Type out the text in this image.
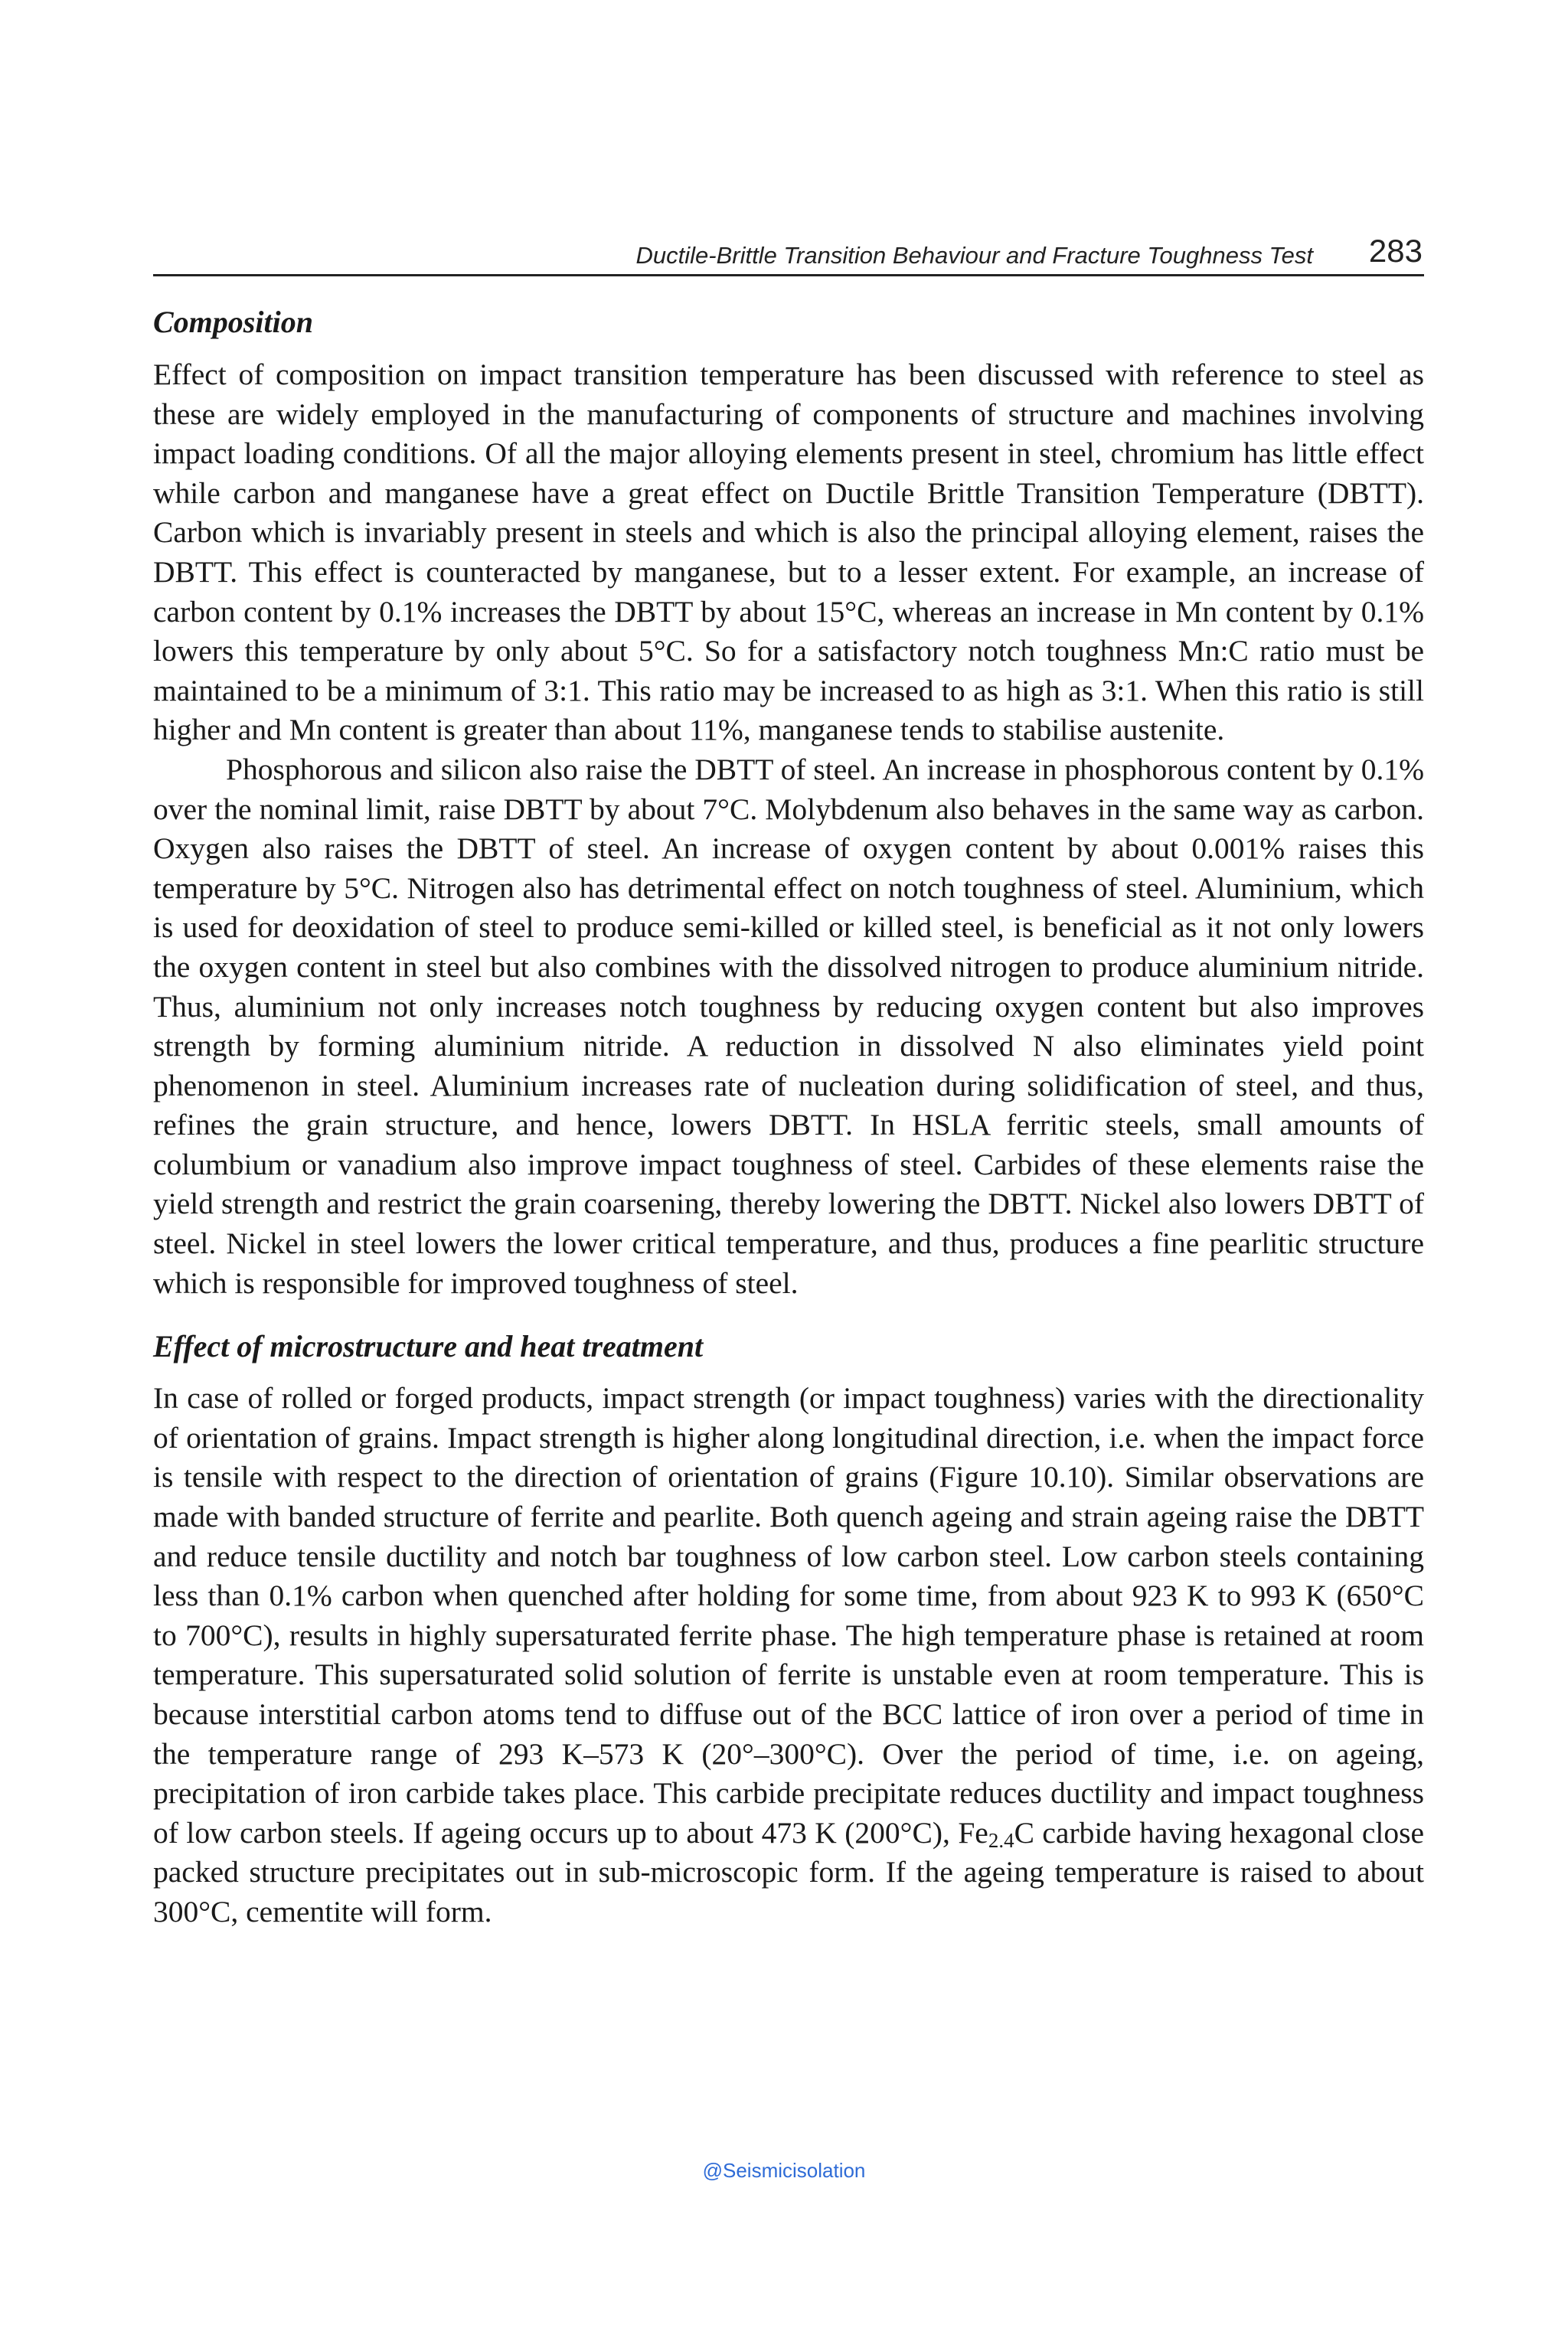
Ductile-Brittle Transition Behaviour and Fracture Toughness Test 283
Composition

Effect of composition on impact transition temperature has been discussed with reference to steel as these are widely employed in the manufacturing of components of structure and machines involving impact loading conditions. Of all the major alloying elements present in steel, chromium has little effect while carbon and manganese have a great effect on Ductile Brittle Transition Temperature (DBTT). Carbon which is invariably present in steels and which is also the principal alloying element, raises the DBTT. This effect is counteracted by manganese, but to a lesser extent. For example, an increase of carbon content by 0.1% increases the DBTT by about 15°C, whereas an increase in Mn content by 0.1% lowers this temperature by only about 5°C. So for a satisfactory notch toughness Mn:C ratio must be maintained to be a minimum of 3:1. This ratio may be increased to as high as 3:1. When this ratio is still higher and Mn content is greater than about 11%, manganese tends to stabilise austenite.

Phosphorous and silicon also raise the DBTT of steel. An increase in phosphorous content by 0.1% over the nominal limit, raise DBTT by about 7°C. Molybdenum also behaves in the same way as carbon. Oxygen also raises the DBTT of steel. An increase of oxygen content by about 0.001% raises this temperature by 5°C. Nitrogen also has detrimental effect on notch toughness of steel. Aluminium, which is used for deoxidation of steel to produce semi-killed or killed steel, is beneficial as it not only lowers the oxygen content in steel but also combines with the dissolved nitrogen to produce aluminium nitride. Thus, aluminium not only increases notch toughness by reducing oxygen content but also improves strength by forming aluminium nitride. A reduction in dissolved N also eliminates yield point phenomenon in steel. Aluminium increases rate of nucleation during solidification of steel, and thus, refines the grain structure, and hence, lowers DBTT. In HSLA ferritic steels, small amounts of columbium or vanadium also improve impact toughness of steel. Carbides of these elements raise the yield strength and restrict the grain coarsening, thereby lowering the DBTT. Nickel also lowers DBTT of steel. Nickel in steel lowers the lower critical temperature, and thus, produces a fine pearlitic structure which is responsible for improved toughness of steel.

Effect of microstructure and heat treatment

In case of rolled or forged products, impact strength (or impact toughness) varies with the directionality of orientation of grains. Impact strength is higher along longitudinal direction, i.e. when the impact force is tensile with respect to the direction of orientation of grains (Figure 10.10). Similar observations are made with banded structure of ferrite and pearlite. Both quench ageing and strain ageing raise the DBTT and reduce tensile ductility and notch bar toughness of low carbon steel. Low carbon steels containing less than 0.1% carbon when quenched after holding for some time, from about 923 K to 993 K (650°C to 700°C), results in highly supersaturated ferrite phase. The high temperature phase is retained at room temperature. This supersaturated solid solution of ferrite is unstable even at room temperature. This is because interstitial carbon atoms tend to diffuse out of the BCC lattice of iron over a period of time in the temperature range of 293 K–573 K (20°–300°C). Over the period of time, i.e. on ageing, precipitation of iron carbide takes place. This carbide precipitate reduces ductility and impact toughness of low carbon steels. If ageing occurs up to about 473 K (200°C), $Fe_{2.4}C$ carbide having hexagonal close packed structure precipitates out in sub-microscopic form. If the ageing temperature is raised to about 300°C, cementite will form.

@Seismicisolation
